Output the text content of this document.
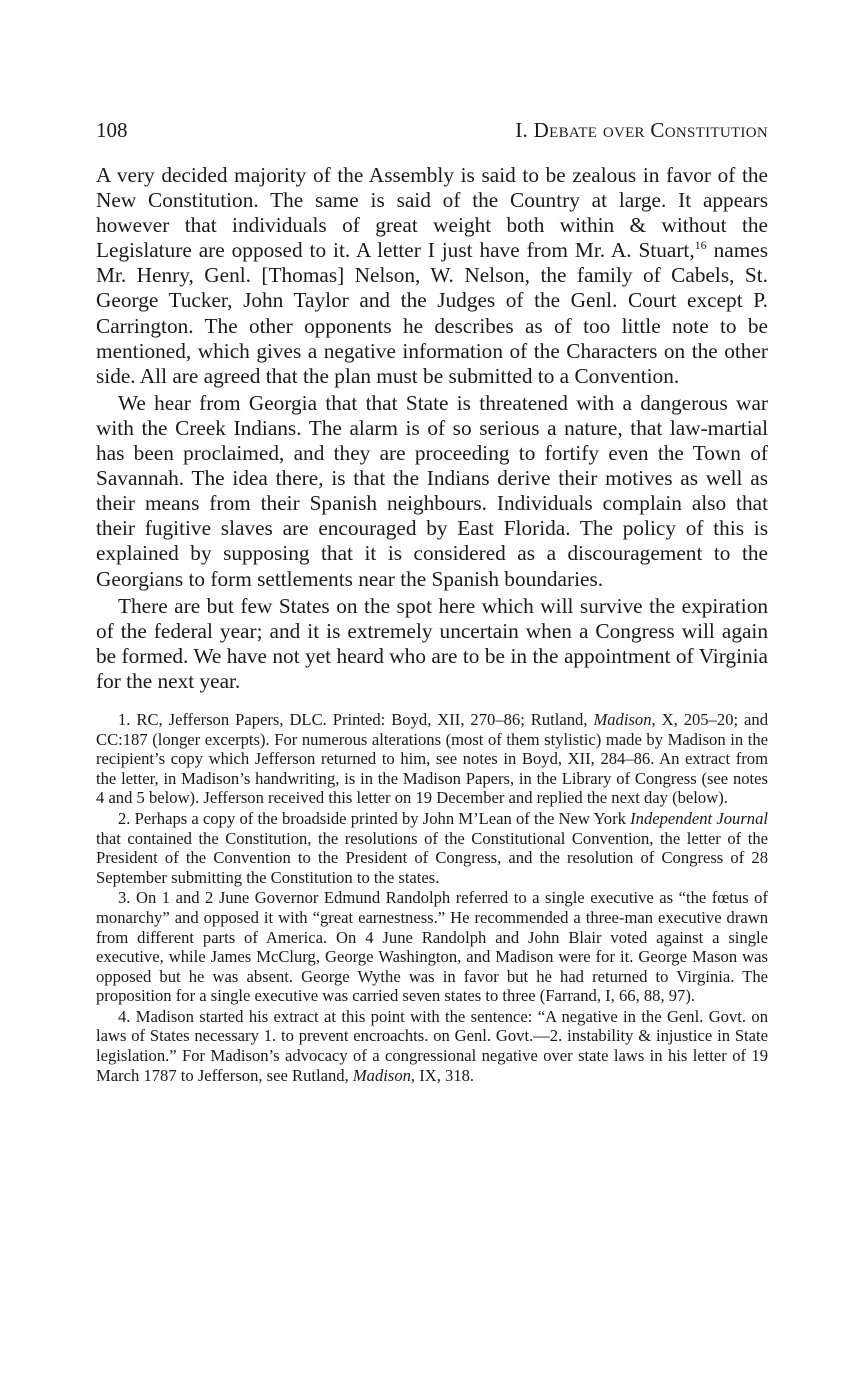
108	I. Debate over Constitution

A very decided majority of the Assembly is said to be zealous in favor of the New Constitution. The same is said of the Country at large. It appears however that individuals of great weight both within & without the Legislature are opposed to it. A letter I just have from Mr. A. Stuart,$^{16}$ names Mr. Henry, Genl. [Thomas] Nelson, W. Nelson, the family of Cabels, St. George Tucker, John Taylor and the Judges of the Genl. Court except P. Carrington. The other opponents he describes as of too little note to be mentioned, which gives a negative information of the Characters on the other side. All are agreed that the plan must be submitted to a Convention.

We hear from Georgia that that State is threatened with a dangerous war with the Creek Indians. The alarm is of so serious a nature, that law-martial has been proclaimed, and they are proceeding to fortify even the Town of Savannah. The idea there, is that the Indians derive their motives as well as their means from their Spanish neighbours. Individuals complain also that their fugitive slaves are encouraged by East Florida. The policy of this is explained by supposing that it is considered as a discouragement to the Georgians to form settlements near the Spanish boundaries.

There are but few States on the spot here which will survive the expiration of the federal year; and it is extremely uncertain when a Congress will again be formed. We have not yet heard who are to be in the appointment of Virginia for the next year.

1. RC, Jefferson Papers, DLC. Printed: Boyd, XII, 270–86; Rutland, Madison, X, 205–20; and CC:187 (longer excerpts). For numerous alterations (most of them stylistic) made by Madison in the recipient’s copy which Jefferson returned to him, see notes in Boyd, XII, 284–86. An extract from the letter, in Madison’s handwriting, is in the Madison Papers, in the Library of Congress (see notes 4 and 5 below). Jefferson received this letter on 19 December and replied the next day (below).

2. Perhaps a copy of the broadside printed by John M’Lean of the New York Independent Journal that contained the Constitution, the resolutions of the Constitutional Convention, the letter of the President of the Convention to the President of Congress, and the resolution of Congress of 28 September submitting the Constitution to the states.

3. On 1 and 2 June Governor Edmund Randolph referred to a single executive as “the fœtus of monarchy” and opposed it with “great earnestness.” He recommended a three-man executive drawn from different parts of America. On 4 June Randolph and John Blair voted against a single executive, while James McClurg, George Washington, and Madison were for it. George Mason was opposed but he was absent. George Wythe was in favor but he had returned to Virginia. The proposition for a single executive was carried seven states to three (Farrand, I, 66, 88, 97).

4. Madison started his extract at this point with the sentence: “A negative in the Genl. Govt. on laws of States necessary 1. to prevent encroachts. on Genl. Govt.—2. instability & injustice in State legislation.” For Madison’s advocacy of a congressional negative over state laws in his letter of 19 March 1787 to Jefferson, see Rutland, Madison, IX, 318.
